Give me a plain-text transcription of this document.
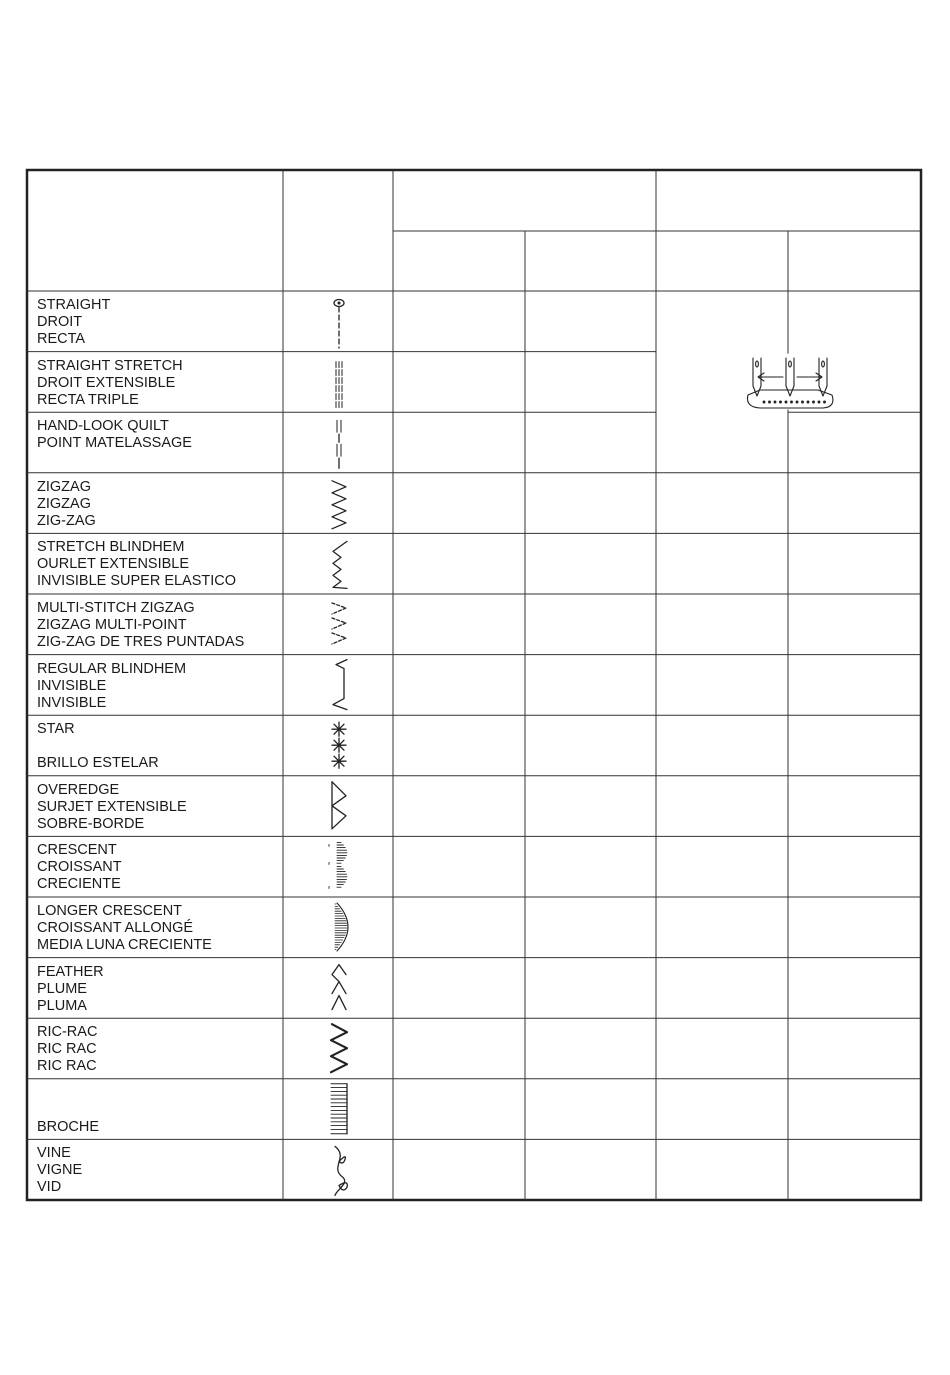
STRAIGHT
DROIT
RECTA
STRAIGHT STRETCH
DROIT EXTENSIBLE
RECTA TRIPLE
HAND-LOOK QUILT
POINT MATELASSAGE
ZIGZAG
ZIGZAG
ZIG-ZAG
STRETCH BLINDHEM
OURLET EXTENSIBLE
INVISIBLE SUPER ELASTICO
MULTI-STITCH ZIGZAG
ZIGZAG MULTI-POINT
ZIG-ZAG DE TRES PUNTADAS
REGULAR BLINDHEM
INVISIBLE
INVISIBLE
STAR
BRILLO ESTELAR
OVEREDGE
SURJET EXTENSIBLE
SOBRE-BORDE
CRESCENT
CROISSANT
CRECIENTE
LONGER CRESCENT
CROISSANT ALLONGÉ
MEDIA LUNA CRECIENTE
FEATHER
PLUME
PLUMA
RIC-RAC
RIC RAC
RIC RAC
BROCHE
VINE
VIGNE
VID
